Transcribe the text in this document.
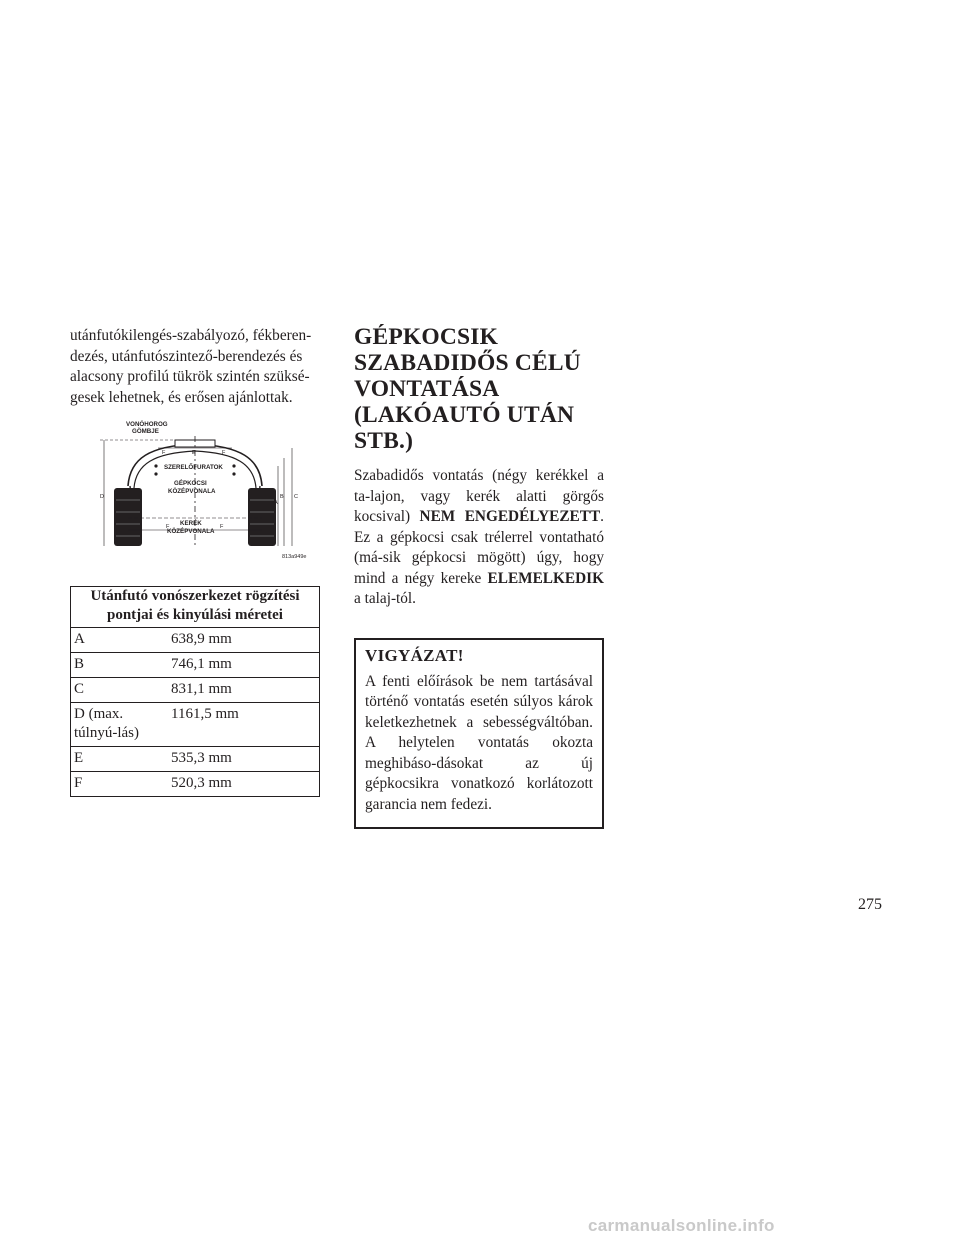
utánfutókilengés-szabályozó, fékberen-
dezés, utánfutószintező-berendezés és
alacsony profilú tükrök szintén szüksé-
gesek lehetnek, és erősen ajánlottak.

VONÓHOROG
GÖMBJE
SZERELŐFURATOK
GÉPKOCSI
KÖZÉPVONALA
KERÉK
KÖZÉPVONALA
D
F	E	F
F	F
A
B C
813a949e
Utánfutó vonószerkezet rögzítési
pontjai és kinyúlási méretei	
A	638,9 mm
B	746,1 mm
C	831,1 mm
D (max. túlnyú-lás)	1161,5 mm
E	535,3 mm
F	520,3 mm
GÉPKOCSIK
SZABADIDŐS CÉLÚ
VONTATÁSA
(LAKÓAUTÓ UTÁN
STB.)

Szabadidős vontatás (négy kerékkel a ta-lajon, vagy kerék alatti görgős kocsival) NEM ENGEDÉLYEZETT. Ez a gépkocsi csak trélerrel vontatható (má-sik gépkocsi mögött) úgy, hogy mind a négy kereke ELEMELKEDIK a talaj-tól.

VIGYÁZAT!

A fenti előírások be nem tartásával történő vontatás esetén súlyos károk keletkezhetnek a sebességváltóban. A helytelen vontatás okozta meghibáso-dásokat az új gépkocsikra vonatkozó korlátozott garancia nem fedezi.

275
carmanualsonline.info
